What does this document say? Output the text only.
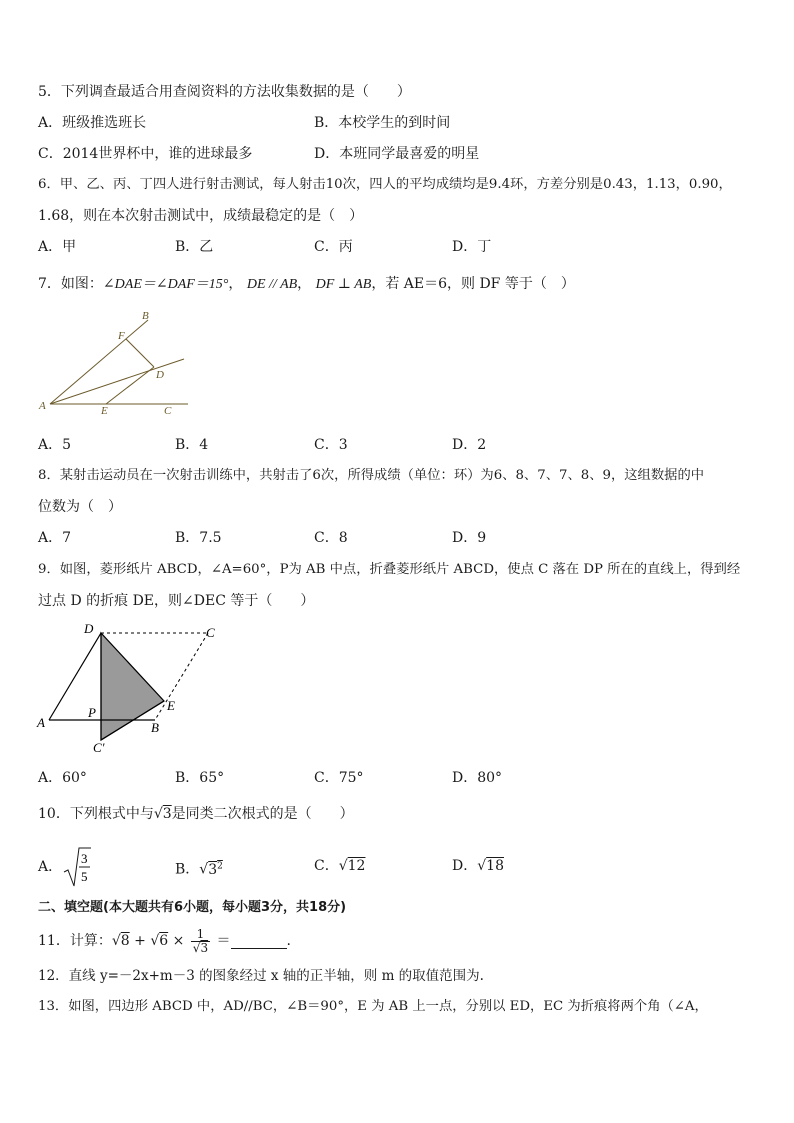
5．下列调查最适合用查阅资料的方法收集数据的是（　　）
A．班级推选班长	B．本校学生的到时间
C．2014世界杯中，谁的进球最多	D．本班同学最喜爱的明星
6．甲、乙、丙、丁四人进行射击测试，每人射击10次，四人的平均成绩均是9.4环，方差分别是0.43，1.13，0.90，
1.68，则在本次射击测试中，成绩最稳定的是（　）
A．甲	B．乙	C．丙	D．丁
7．如图：∠DAE＝∠DAF＝15°， DE // AB， DF ⊥ AB，若 AE＝6，则 DF 等于（　）
B
F
D
A	E	C
A．5	B．4	C．3	D．2
8．某射击运动员在一次射击训练中，共射击了6次，所得成绩（单位：环）为6、8、7、7、8、9，这组数据的中
位数为（　）
A．7	B．7.5	C．8	D．9
9．如图，菱形纸片 ABCD，∠A=60°，P为 AB 中点，折叠菱形纸片 ABCD，使点 C 落在 DP 所在的直线上，得到经
过点 D 的折痕 DE，则∠DEC 等于（　　）
D	C
E
P
A	B
C′
A．60°	B．65°	C．75°	D．80°
10．下列根式中与√3是同类二次根式的是（　　）
A．
3
5	B．$√3^2$	C．√12	D．√18
二、填空题(本大题共有6小题，每小题3分，共18分)
11．计算：$√8 + √6 \times \frac{1}{√3}$ ＝	.
12．直线 y=－2x+m－3 的图象经过 x 轴的正半轴，则 m 的取值范围为.
13．如图，四边形 ABCD 中，AD//BC，∠B＝90°，E 为 AB 上一点，分别以 ED，EC 为折痕将两个角（∠A，
